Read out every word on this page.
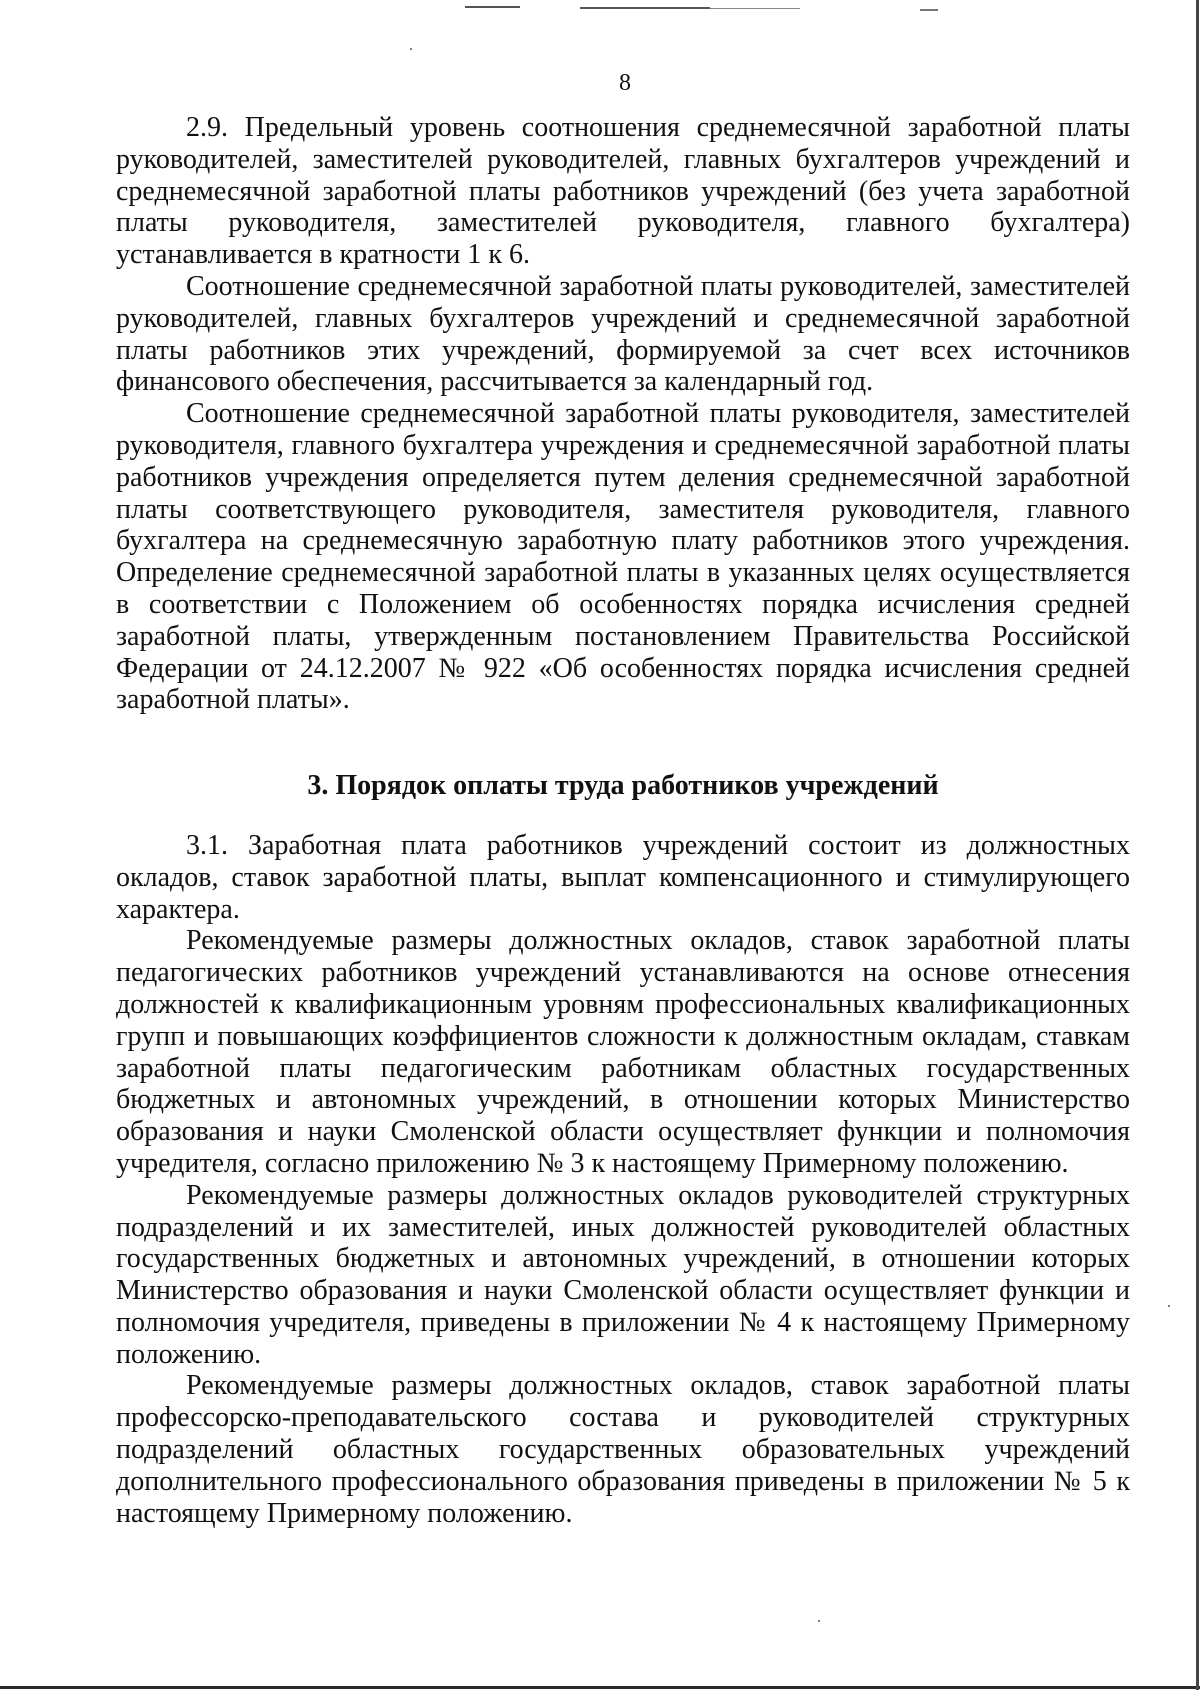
8

2.9. Предельный уровень соотношения среднемесячной заработной платы руководителей, заместителей руководителей, главных бухгалтеров учреждений и среднемесячной заработной платы работников учреждений (без учета заработной платы руководителя, заместителей руководителя, главного бухгалтера) устанавливается в кратности 1 к 6.

Соотношение среднемесячной заработной платы руководителей, заместителей руководителей, главных бухгалтеров учреждений и среднемесячной заработной платы работников этих учреждений, формируемой за счет всех источников финансового обеспечения, рассчитывается за календарный год.

Соотношение среднемесячной заработной платы руководителя, заместителей руководителя, главного бухгалтера учреждения и среднемесячной заработной платы работников учреждения определяется путем деления среднемесячной заработной платы соответствующего руководителя, заместителя руководителя, главного бухгалтера на среднемесячную заработную плату работников этого учреждения. Определение среднемесячной заработной платы в указанных целях осуществляется в соответствии с Положением об особенностях порядка исчисления средней заработной платы, утвержденным постановлением Правительства Российской Федерации от 24.12.2007 № 922 «Об особенностях порядка исчисления средней заработной платы».

3. Порядок оплаты труда работников учреждений

3.1. Заработная плата работников учреждений состоит из должностных окладов, ставок заработной платы, выплат компенсационного и стимулирующего характера.

Рекомендуемые размеры должностных окладов, ставок заработной платы педагогических работников учреждений устанавливаются на основе отнесения должностей к квалификационным уровням профессиональных квалификационных групп и повышающих коэффициентов сложности к должностным окладам, ставкам заработной платы педагогическим работникам областных государственных бюджетных и автономных учреждений, в отношении которых Министерство образования и науки Смоленской области осуществляет функции и полномочия учредителя, согласно приложению № 3 к настоящему Примерному положению.

Рекомендуемые размеры должностных окладов руководителей структурных подразделений и их заместителей, иных должностей руководителей областных государственных бюджетных и автономных учреждений, в отношении которых Министерство образования и науки Смоленской области осуществляет функции и полномочия учредителя, приведены в приложении № 4 к настоящему Примерному положению.

Рекомендуемые размеры должностных окладов, ставок заработной платы профессорско-преподавательского состава и руководителей структурных подразделений областных государственных образовательных учреждений дополнительного профессионального образования приведены в приложении № 5 к настоящему Примерному положению.
